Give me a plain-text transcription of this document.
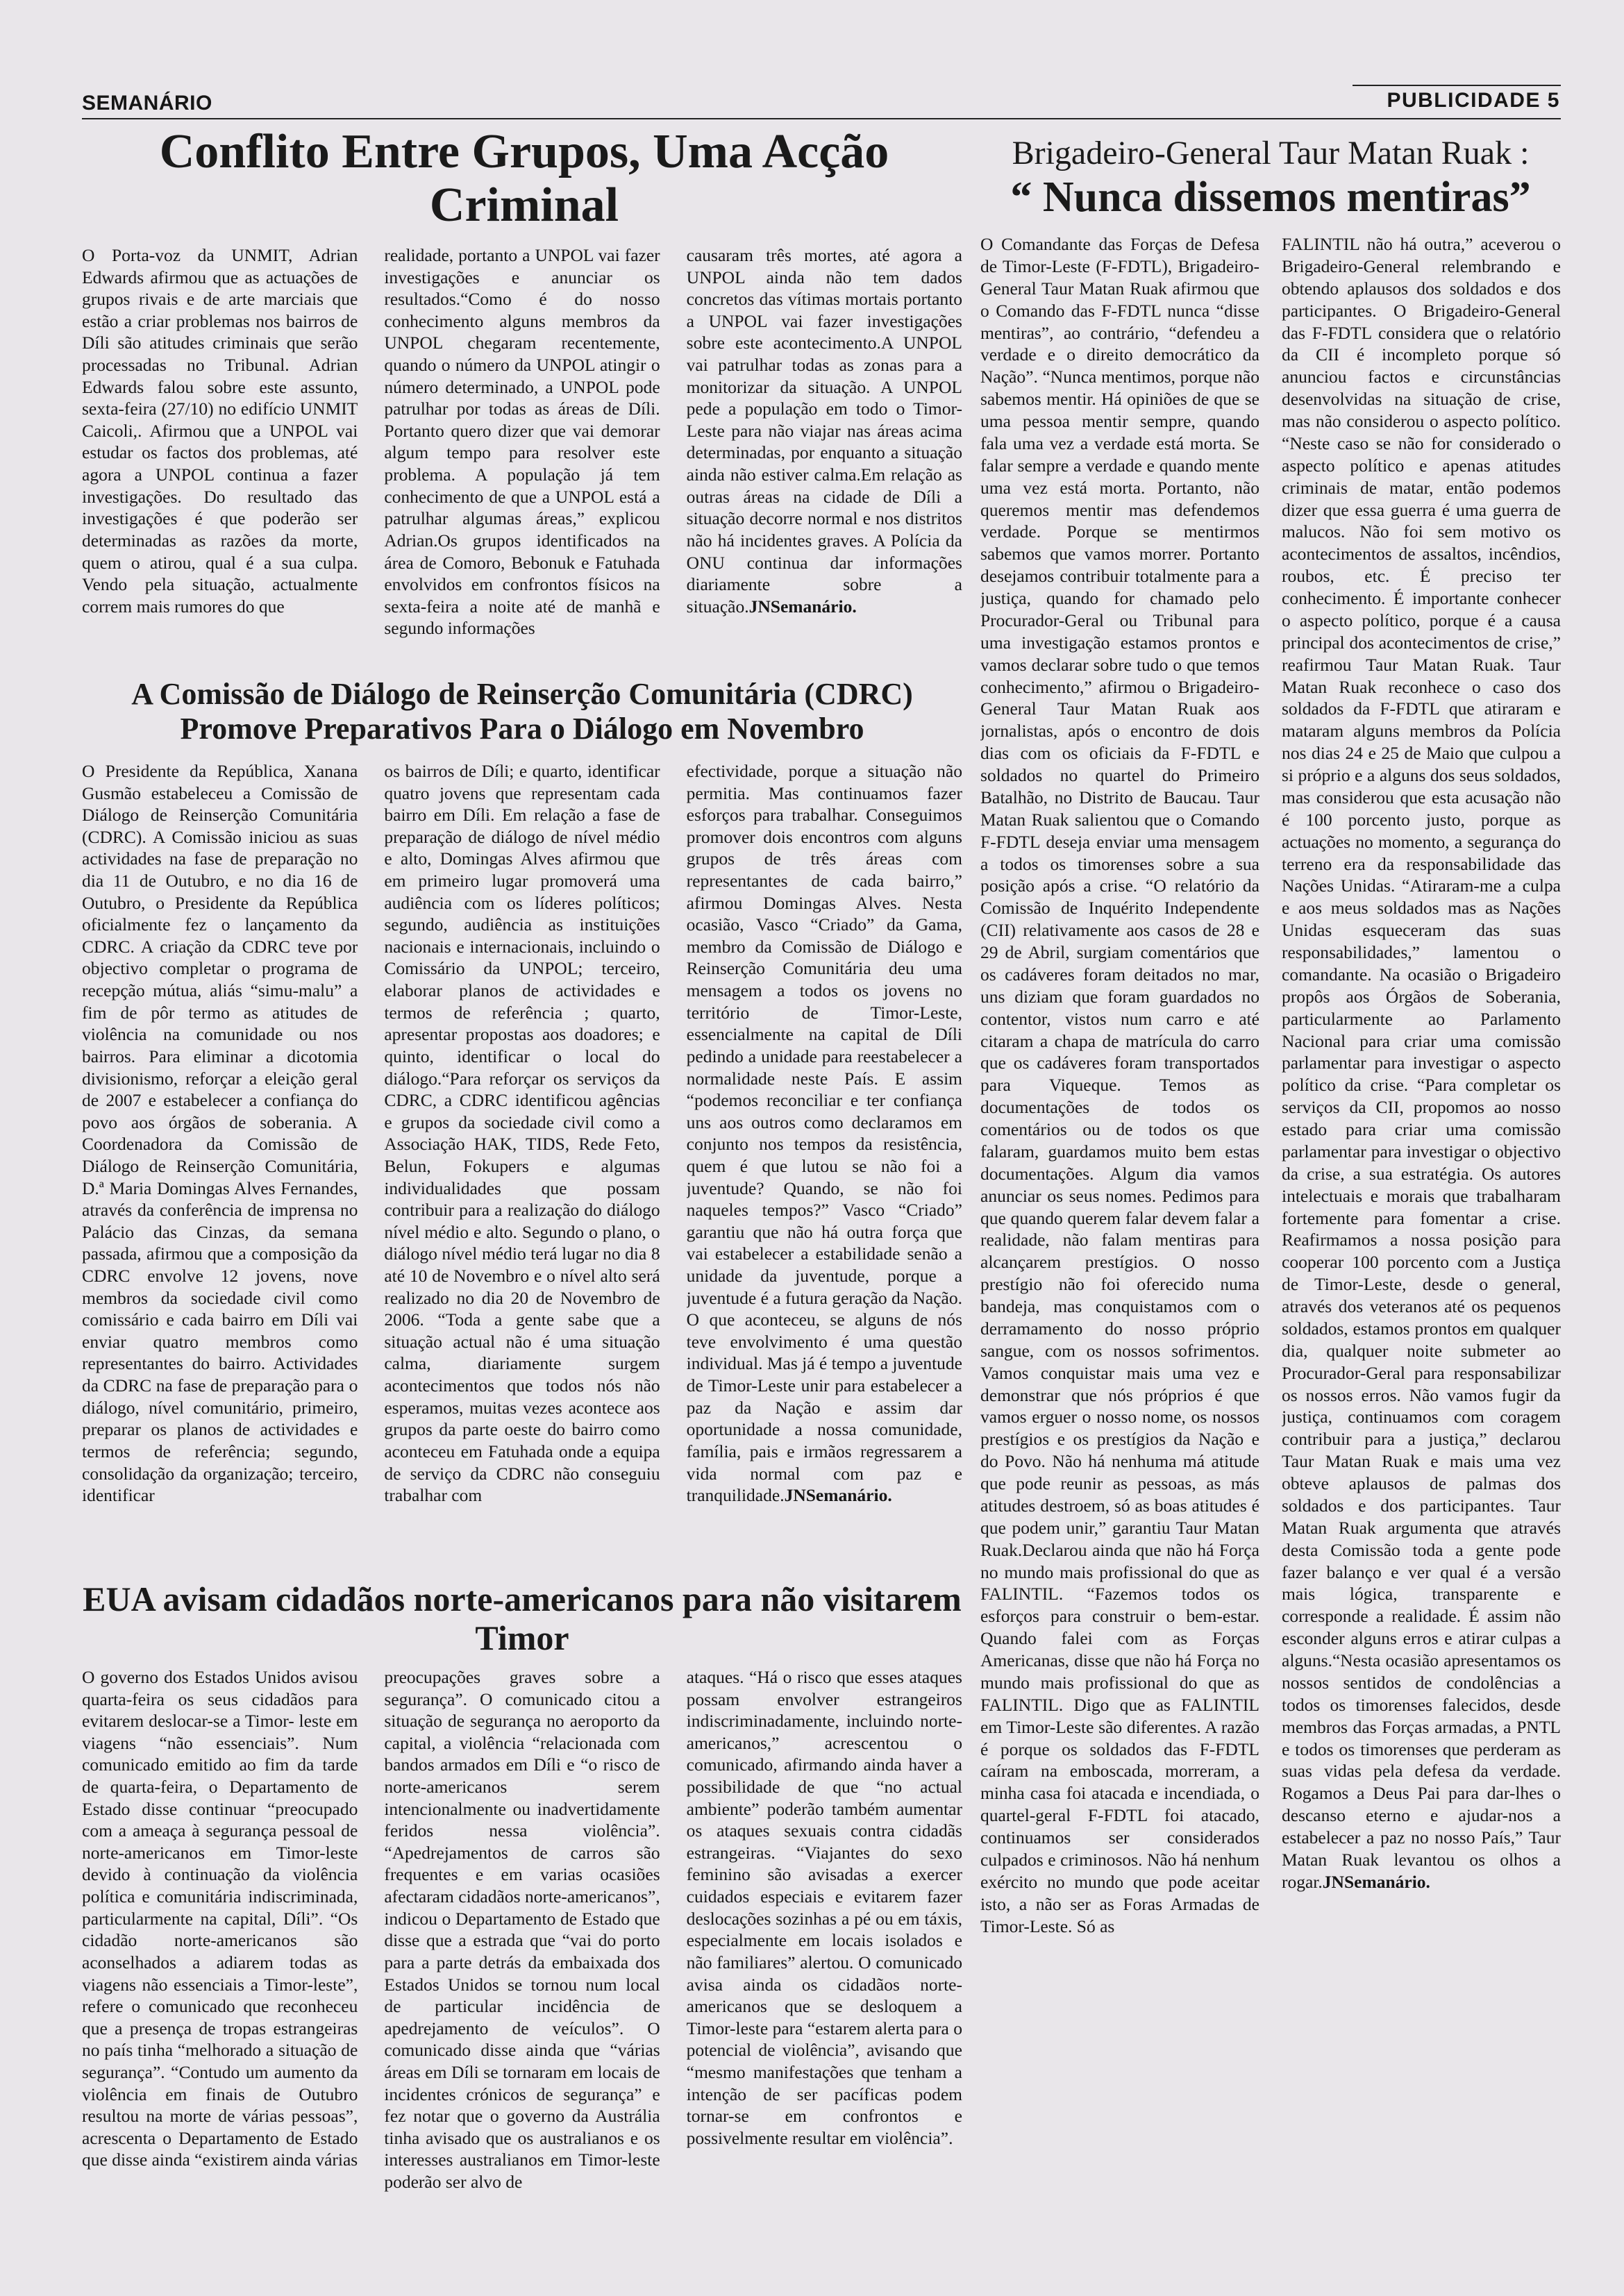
SEMANÁRIO	PUBLICIDADE 5
Conflito Entre Grupos, Uma Acção Criminal

O Porta-voz da UNMIT, Adrian Edwards afirmou que as actuações de grupos rivais e de arte marciais que estão a criar problemas nos bairros de Díli são atitudes criminais que serão processadas no Tribunal. Adrian Edwards falou sobre este assunto, sexta-feira (27/10) no edifício UNMIT Caicoli,. Afirmou que a UNPOL vai estudar os factos dos problemas, até agora a UNPOL continua a fazer investigações. Do resultado das investigações é que poderão ser determinadas as razões da morte, quem o atirou, qual é a sua culpa. Vendo pela situação, actualmente correm mais rumores do que

realidade, portanto a UNPOL vai fazer investigações e anunciar os resultados.“Como é do nosso conhecimento alguns membros da UNPOL chegaram recentemente, quando o número da UNPOL atingir o número determinado, a UNPOL pode patrulhar por todas as áreas de Díli. Portanto quero dizer que vai demorar algum tempo para resolver este problema. A população já tem conhecimento de que a UNPOL está a patrulhar algumas áreas,” explicou Adrian.Os grupos identificados na área de Comoro, Bebonuk e Fatuhada envolvidos em confrontos físicos na sexta-feira a noite até de manhã e segundo informações

causaram três mortes, até agora a UNPOL ainda não tem dados concretos das vítimas mortais portanto a UNPOL vai fazer investigações sobre este acontecimento.A UNPOL vai patrulhar todas as zonas para a monitorizar da situação. A UNPOL pede a população em todo o Timor-Leste para não viajar nas áreas acima determinadas, por enquanto a situação ainda não estiver calma.Em relação as outras áreas na cidade de Díli a situação decorre normal e nos distritos não há incidentes graves. A Polícia da ONU continua dar informações diariamente sobre a situação.JNSemanário.

A Comissão de Diálogo de Reinserção Comunitária (CDRC) Promove Preparativos Para o Diálogo em Novembro

O Presidente da República, Xanana Gusmão estabeleceu a Comissão de Diálogo de Reinserção Comunitária (CDRC). A Comissão iniciou as suas actividades na fase de preparação no dia 11 de Outubro, e no dia 16 de Outubro, o Presidente da República oficialmente fez o lançamento da CDRC. A criação da CDRC teve por objectivo completar o programa de recepção mútua, aliás “simu-malu” a fim de pôr termo as atitudes de violência na comunidade ou nos bairros. Para eliminar a dicotomia divisionismo, reforçar a eleição geral de 2007 e estabelecer a confiança do povo aos órgãos de soberania. A Coordenadora da Comissão de Diálogo de Reinserção Comunitária, D.ª Maria Domingas Alves Fernandes, através da conferência de imprensa no Palácio das Cinzas, da semana passada, afirmou que a composição da CDRC envolve 12 jovens, nove membros da sociedade civil como comissário e cada bairro em Díli vai enviar quatro membros como representantes do bairro. Actividades da CDRC na fase de preparação para o diálogo, nível comunitário, primeiro, preparar os planos de actividades e termos de referência; segundo, consolidação da organização; terceiro, identificar

os bairros de Díli; e quarto, identificar quatro jovens que representam cada bairro em Díli. Em relação a fase de preparação de diálogo de nível médio e alto, Domingas Alves afirmou que em primeiro lugar promoverá uma audiência com os líderes políticos; segundo, audiência as instituições nacionais e internacionais, incluindo o Comissário da UNPOL; terceiro, elaborar planos de actividades e termos de referência ; quarto, apresentar propostas aos doadores; e quinto, identificar o local do diálogo.“Para reforçar os serviços da CDRC, a CDRC identificou agências e grupos da sociedade civil como a Associação HAK, TIDS, Rede Feto, Belun, Fokupers e algumas individualidades que possam contribuir para a realização do diálogo nível médio e alto. Segundo o plano, o diálogo nível médio terá lugar no dia 8 até 10 de Novembro e o nível alto será realizado no dia 20 de Novembro de 2006. “Toda a gente sabe que a situação actual não é uma situação calma, diariamente surgem acontecimentos que todos nós não esperamos, muitas vezes acontece aos grupos da parte oeste do bairro como aconteceu em Fatuhada onde a equipa de serviço da CDRC não conseguiu trabalhar com

efectividade, porque a situação não permitia. Mas continuamos fazer esforços para trabalhar. Conseguimos promover dois encontros com alguns grupos de três áreas com representantes de cada bairro,” afirmou Domingas Alves. Nesta ocasião, Vasco “Criado” da Gama, membro da Comissão de Diálogo e Reinserção Comunitária deu uma mensagem a todos os jovens no território de Timor-Leste, essencialmente na capital de Díli pedindo a unidade para reestabelecer a normalidade neste País. E assim “podemos reconciliar e ter confiança uns aos outros como declaramos em conjunto nos tempos da resistência, quem é que lutou se não foi a juventude? Quando, se não foi naqueles tempos?” Vasco “Criado” garantiu que não há outra força que vai estabelecer a estabilidade senão a unidade da juventude, porque a juventude é a futura geração da Nação. O que aconteceu, se alguns de nós teve envolvimento é uma questão individual. Mas já é tempo a juventude de Timor-Leste unir para estabelecer a paz da Nação e assim dar oportunidade a nossa comunidade, família, pais e irmãos regressarem a vida normal com paz e tranquilidade.JNSemanário.

EUA avisam cidadãos norte-americanos para não visitarem Timor

O governo dos Estados Unidos avisou quarta-feira os seus cidadãos para evitarem deslocar-se a Timor- leste em viagens “não essenciais”. Num comunicado emitido ao fim da tarde de quarta-feira, o Departamento de Estado disse continuar “preocupado com a ameaça à segurança pessoal de norte-americanos em Timor-leste devido à continuação da violência política e comunitária indiscriminada, particularmente na capital, Díli”. “Os cidadão norte-americanos são aconselhados a adiarem todas as viagens não essenciais a Timor-leste”, refere o comunicado que reconheceu que a presença de tropas estrangeiras no país tinha “melhorado a situação de segurança”. “Contudo um aumento da violência em finais de Outubro resultou na morte de várias pessoas”, acrescenta o Departamento de Estado que disse ainda “existirem ainda várias

preocupações graves sobre a segurança”. O comunicado citou a situação de segurança no aeroporto da capital, a violência “relacionada com bandos armados em Díli e “o risco de norte-americanos serem intencionalmente ou inadvertidamente feridos nessa violência”. “Apedrejamentos de carros são frequentes e em varias ocasiões afectaram cidadãos norte-americanos”, indicou o Departamento de Estado que disse que a estrada que “vai do porto para a parte detrás da embaixada dos Estados Unidos se tornou num local de particular incidência de apedrejamento de veículos”. O comunicado disse ainda que “várias áreas em Díli se tornaram em locais de incidentes crónicos de segurança” e fez notar que o governo da Austrália tinha avisado que os australianos e os interesses australianos em Timor-leste poderão ser alvo de

ataques. “Há o risco que esses ataques possam envolver estrangeiros indiscriminadamente, incluindo norte-americanos,” acrescentou o comunicado, afirmando ainda haver a possibilidade de que “no actual ambiente” poderão também aumentar os ataques sexuais contra cidadãs estrangeiras. “Viajantes do sexo feminino são avisadas a exercer cuidados especiais e evitarem fazer deslocações sozinhas a pé ou em táxis, especialmente em locais isolados e não familiares” alertou. O comunicado avisa ainda os cidadãos norte-americanos que se desloquem a Timor-leste para “estarem alerta para o potencial de violência”, avisando que “mesmo manifestações que tenham a intenção de ser pacíficas podem tornar-se em confrontos e possivelmente resultar em violência”.

Brigadeiro-General Taur Matan Ruak :
“ Nunca dissemos mentiras”

O Comandante das Forças de Defesa de Timor-Leste (F-FDTL), Brigadeiro-General Taur Matan Ruak afirmou que o Comando das F-FDTL nunca “disse mentiras”, ao contrário, “defendeu a verdade e o direito democrático da Nação”. “Nunca mentimos, porque não sabemos mentir. Há opiniões de que se uma pessoa mentir sempre, quando fala uma vez a verdade está morta. Se falar sempre a verdade e quando mente uma vez está morta. Portanto, não queremos mentir mas defendemos verdade. Porque se mentirmos sabemos que vamos morrer. Portanto desejamos contribuir totalmente para a justiça, quando for chamado pelo Procurador-Geral ou Tribunal para uma investigação estamos prontos e vamos declarar sobre tudo o que temos conhecimento,” afirmou o Brigadeiro-General Taur Matan Ruak aos jornalistas, após o encontro de dois dias com os oficiais da F-FDTL e soldados no quartel do Primeiro Batalhão, no Distrito de Baucau. Taur Matan Ruak salientou que o Comando F-FDTL deseja enviar uma mensagem a todos os timorenses sobre a sua posição após a crise. “O relatório da Comissão de Inquérito Independente (CII) relativamente aos casos de 28 e 29 de Abril, surgiam comentários que os cadáveres foram deitados no mar, uns diziam que foram guardados no contentor, vistos num carro e até citaram a chapa de matrícula do carro que os cadáveres foram transportados para Viqueque. Temos as documentações de todos os comentários ou de todos os que falaram, guardamos muito bem estas documentações. Algum dia vamos anunciar os seus nomes. Pedimos para que quando querem falar devem falar a realidade, não falam mentiras para alcançarem prestígios. O nosso prestígio não foi oferecido numa bandeja, mas conquistamos com o derramamento do nosso próprio sangue, com os nossos sofrimentos. Vamos conquistar mais uma vez e demonstrar que nós próprios é que vamos erguer o nosso nome, os nossos prestígios e os prestígios da Nação e do Povo. Não há nenhuma má atitude que pode reunir as pessoas, as más atitudes destroem, só as boas atitudes é que podem unir,” garantiu Taur Matan Ruak.Declarou ainda que não há Força no mundo mais profissional do que as FALINTIL. “Fazemos todos os esforços para construir o bem-estar. Quando falei com as Forças Americanas, disse que não há Força no mundo mais profissional do que as FALINTIL. Digo que as FALINTIL em Timor-Leste são diferentes. A razão é porque os soldados das F-FDTL caíram na emboscada, morreram, a minha casa foi atacada e incendiada, o quartel-geral F-FDTL foi atacado, continuamos ser considerados culpados e criminosos. Não há nenhum exército no mundo que pode aceitar isto, a não ser as Foras Armadas de Timor-Leste. Só as

FALINTIL não há outra,” aceverou o Brigadeiro-General relembrando e obtendo aplausos dos soldados e dos participantes. O Brigadeiro-General das F-FDTL considera que o relatório da CII é incompleto porque só anunciou factos e circunstâncias desenvolvidas na situação de crise, mas não considerou o aspecto político. “Neste caso se não for considerado o aspecto político e apenas atitudes criminais de matar, então podemos dizer que essa guerra é uma guerra de malucos. Não foi sem motivo os acontecimentos de assaltos, incêndios, roubos, etc. É preciso ter conhecimento. É importante conhecer o aspecto político, porque é a causa principal dos acontecimentos de crise,” reafirmou Taur Matan Ruak. Taur Matan Ruak reconhece o caso dos soldados da F-FDTL que atiraram e mataram alguns membros da Polícia nos dias 24 e 25 de Maio que culpou a si próprio e a alguns dos seus soldados, mas considerou que esta acusação não é 100 porcento justo, porque as actuações no momento, a segurança do terreno era da responsabilidade das Nações Unidas. “Atiraram-me a culpa e aos meus soldados mas as Nações Unidas esqueceram das suas responsabilidades,” lamentou o comandante. Na ocasião o Brigadeiro propôs aos Órgãos de Soberania, particularmente ao Parlamento Nacional para criar uma comissão parlamentar para investigar o aspecto político da crise. “Para completar os serviços da CII, propomos ao nosso estado para criar uma comissão parlamentar para investigar o objectivo da crise, a sua estratégia. Os autores intelectuais e morais que trabalharam fortemente para fomentar a crise. Reafirmamos a nossa posição para cooperar 100 porcento com a Justiça de Timor-Leste, desde o general, através dos veteranos até os pequenos soldados, estamos prontos em qualquer dia, qualquer noite submeter ao Procurador-Geral para responsabilizar os nossos erros. Não vamos fugir da justiça, continuamos com coragem contribuir para a justiça,” declarou Taur Matan Ruak e mais uma vez obteve aplausos de palmas dos soldados e dos participantes. Taur Matan Ruak argumenta que através desta Comissão toda a gente pode fazer balanço e ver qual é a versão mais lógica, transparente e corresponde a realidade. É assim não esconder alguns erros e atirar culpas a alguns.“Nesta ocasião apresentamos os nossos sentidos de condolências a todos os timorenses falecidos, desde membros das Forças armadas, a PNTL e todos os timorenses que perderam as suas vidas pela defesa da verdade. Rogamos a Deus Pai para dar-lhes o descanso eterno e ajudar-nos a estabelecer a paz no nosso País,” Taur Matan Ruak levantou os olhos a rogar.JNSemanário.
